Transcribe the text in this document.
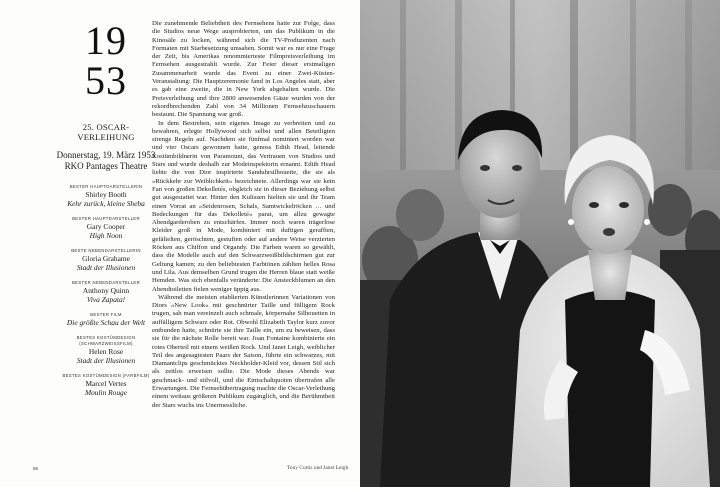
19
53
25. OSCAR-VERLEIHUNG
Donnerstag, 19. März 1953
RKO Pantages Theatre
BESTER HAUPTDARSTELLERIN
Shirley Booth
Kehr zurück, kleine Sheba
BESTER HAUPTDARSTELLER
Gary Cooper
High Noon
BESTE NEBENDARSTELLERIN
Gloria Grahame
Stadt der Illusionen
BESTER NEBENDARSTELLER
Anthony Quinn
Viva Zapata!
BESTER FILM
Die größte Schau der Welt
BESTES KOSTÜMDESIGN (SCHWARZWEISSFILM)
Helen Rose
Stadt der Illusionen
BESTES KOSTÜMDESIGN (FARBFILM)
Marcel Vertes
Moulin Rouge

Die zunehmende Beliebtheit des Fernsehens hatte zur Folge, dass die Studios neue Wege ausprobierten, um das Publikum in die Kinosäle zu locken, während sich die TV-Produzenten nach Formaten mit Starbesetzung umsahen. Somit war es nur eine Frage der Zeit, bis Amerikas renommierteste Filmpreisverleihung im Fernsehen ausgestrahlt wurde. Zur Feier dieser erstmaligen Zusammenarbeit wurde das Event zu einer Zwei-Küsten-Veranstaltung: Die Hauptzeremonie fand in Los Angeles statt, aber es gab eine zweite, die in New York abgehalten wurde. Die Preisverleihung und ihre 2800 anwesenden Gäste wurden von der rekordbrechenden Zahl von 34 Millionen Fernsehzuschauern bestaunt. Die Spannung war groß.

In dem Bestreben, sein eigenes Image zu verbreiten und zu bewahren, erlegte Hollywood sich selbst und allen Beteiligten strenge Regeln auf. Nachdem sie fünfmal nominiert worden war und vier Oscars gewonnen hatte, genoss Edith Head, leitende Kostümbildnerin von Paramount, das Vertrauen von Studios und Stars und wurde deshalb zur Modeinspektorin ernannt. Edith Head liebte die von Dior inspirierte Sanduhrsilhouette, die sie als »Rückkehr zur Weiblichkeit« bezeichnete. Allerdings war sie kein Fan von großen Dekolletés, obgleich sie in dieser Beziehung selbst gut ausgestattet war. Hinter den Kulissen hielten sie und ihr Team einen Vorrat an »Seidenrosen, Schals, Samtwickelröcken … und Bedeckungen für das Dekolleté« parat, um allzu gewagte Abendgarderoben zu entschärfen. Immer noch waren trägerlose Kleider groß in Mode, kombiniert mit duftigen gerafften, gefältelten, geröschten, gestuften oder auf andere Weise verzierten Röcken aus Chiffon und Organdy. Die Farben waren so gewählt, dass die Modelle auch auf den Schwarzweißbildschirmen gut zur Geltung kamen; zu den beliebtesten Farbtönen zählten helles Rosa und Lila. Aus demselben Grund trugen die Herren blaue statt weiße Hemden. Was sich ebenfalls veränderte: Die Ansteckblumen an den Abendtoiletten fielen weniger üppig aus.

Während die meisten etablierten Künstlerinnen Variationen von Diors »New Look« mit geschnürter Taille und fülligem Rock trugen, sah man vereinzelt auch schmale, körpernahe Silhouetten in auffälligem Schwarz oder Rot. Obwohl Elizabeth Taylor kurz zuvor entbunden hatte, schnürte sie ihre Taille ein, um zu beweisen, dass sie für die nächste Rolle bereit war. Joan Fontaine kombinierte ein rotes Oberteil mit einem weißen Rock. Und Janet Leigh, weiblicher Teil des angesagtesten Paars der Saison, führte ein schwarzes, mit Diamantclips geschmücktes Neckholder-Kleid vor, dessen Stil sich als zeitlos erweisen sollte. Die Mode dieses Abends war geschmack- und stilvoll, und die Eintschaltquoten übertrafen alle Erwartungen. Die Fernsehübertragung machte die Oscar-Verleihung einem weitaus größeren Publikum zugänglich, und die Berühmtheit der Stars wuchs ins Unermessliche.

86	Tony Curtis und Janet Leigh
